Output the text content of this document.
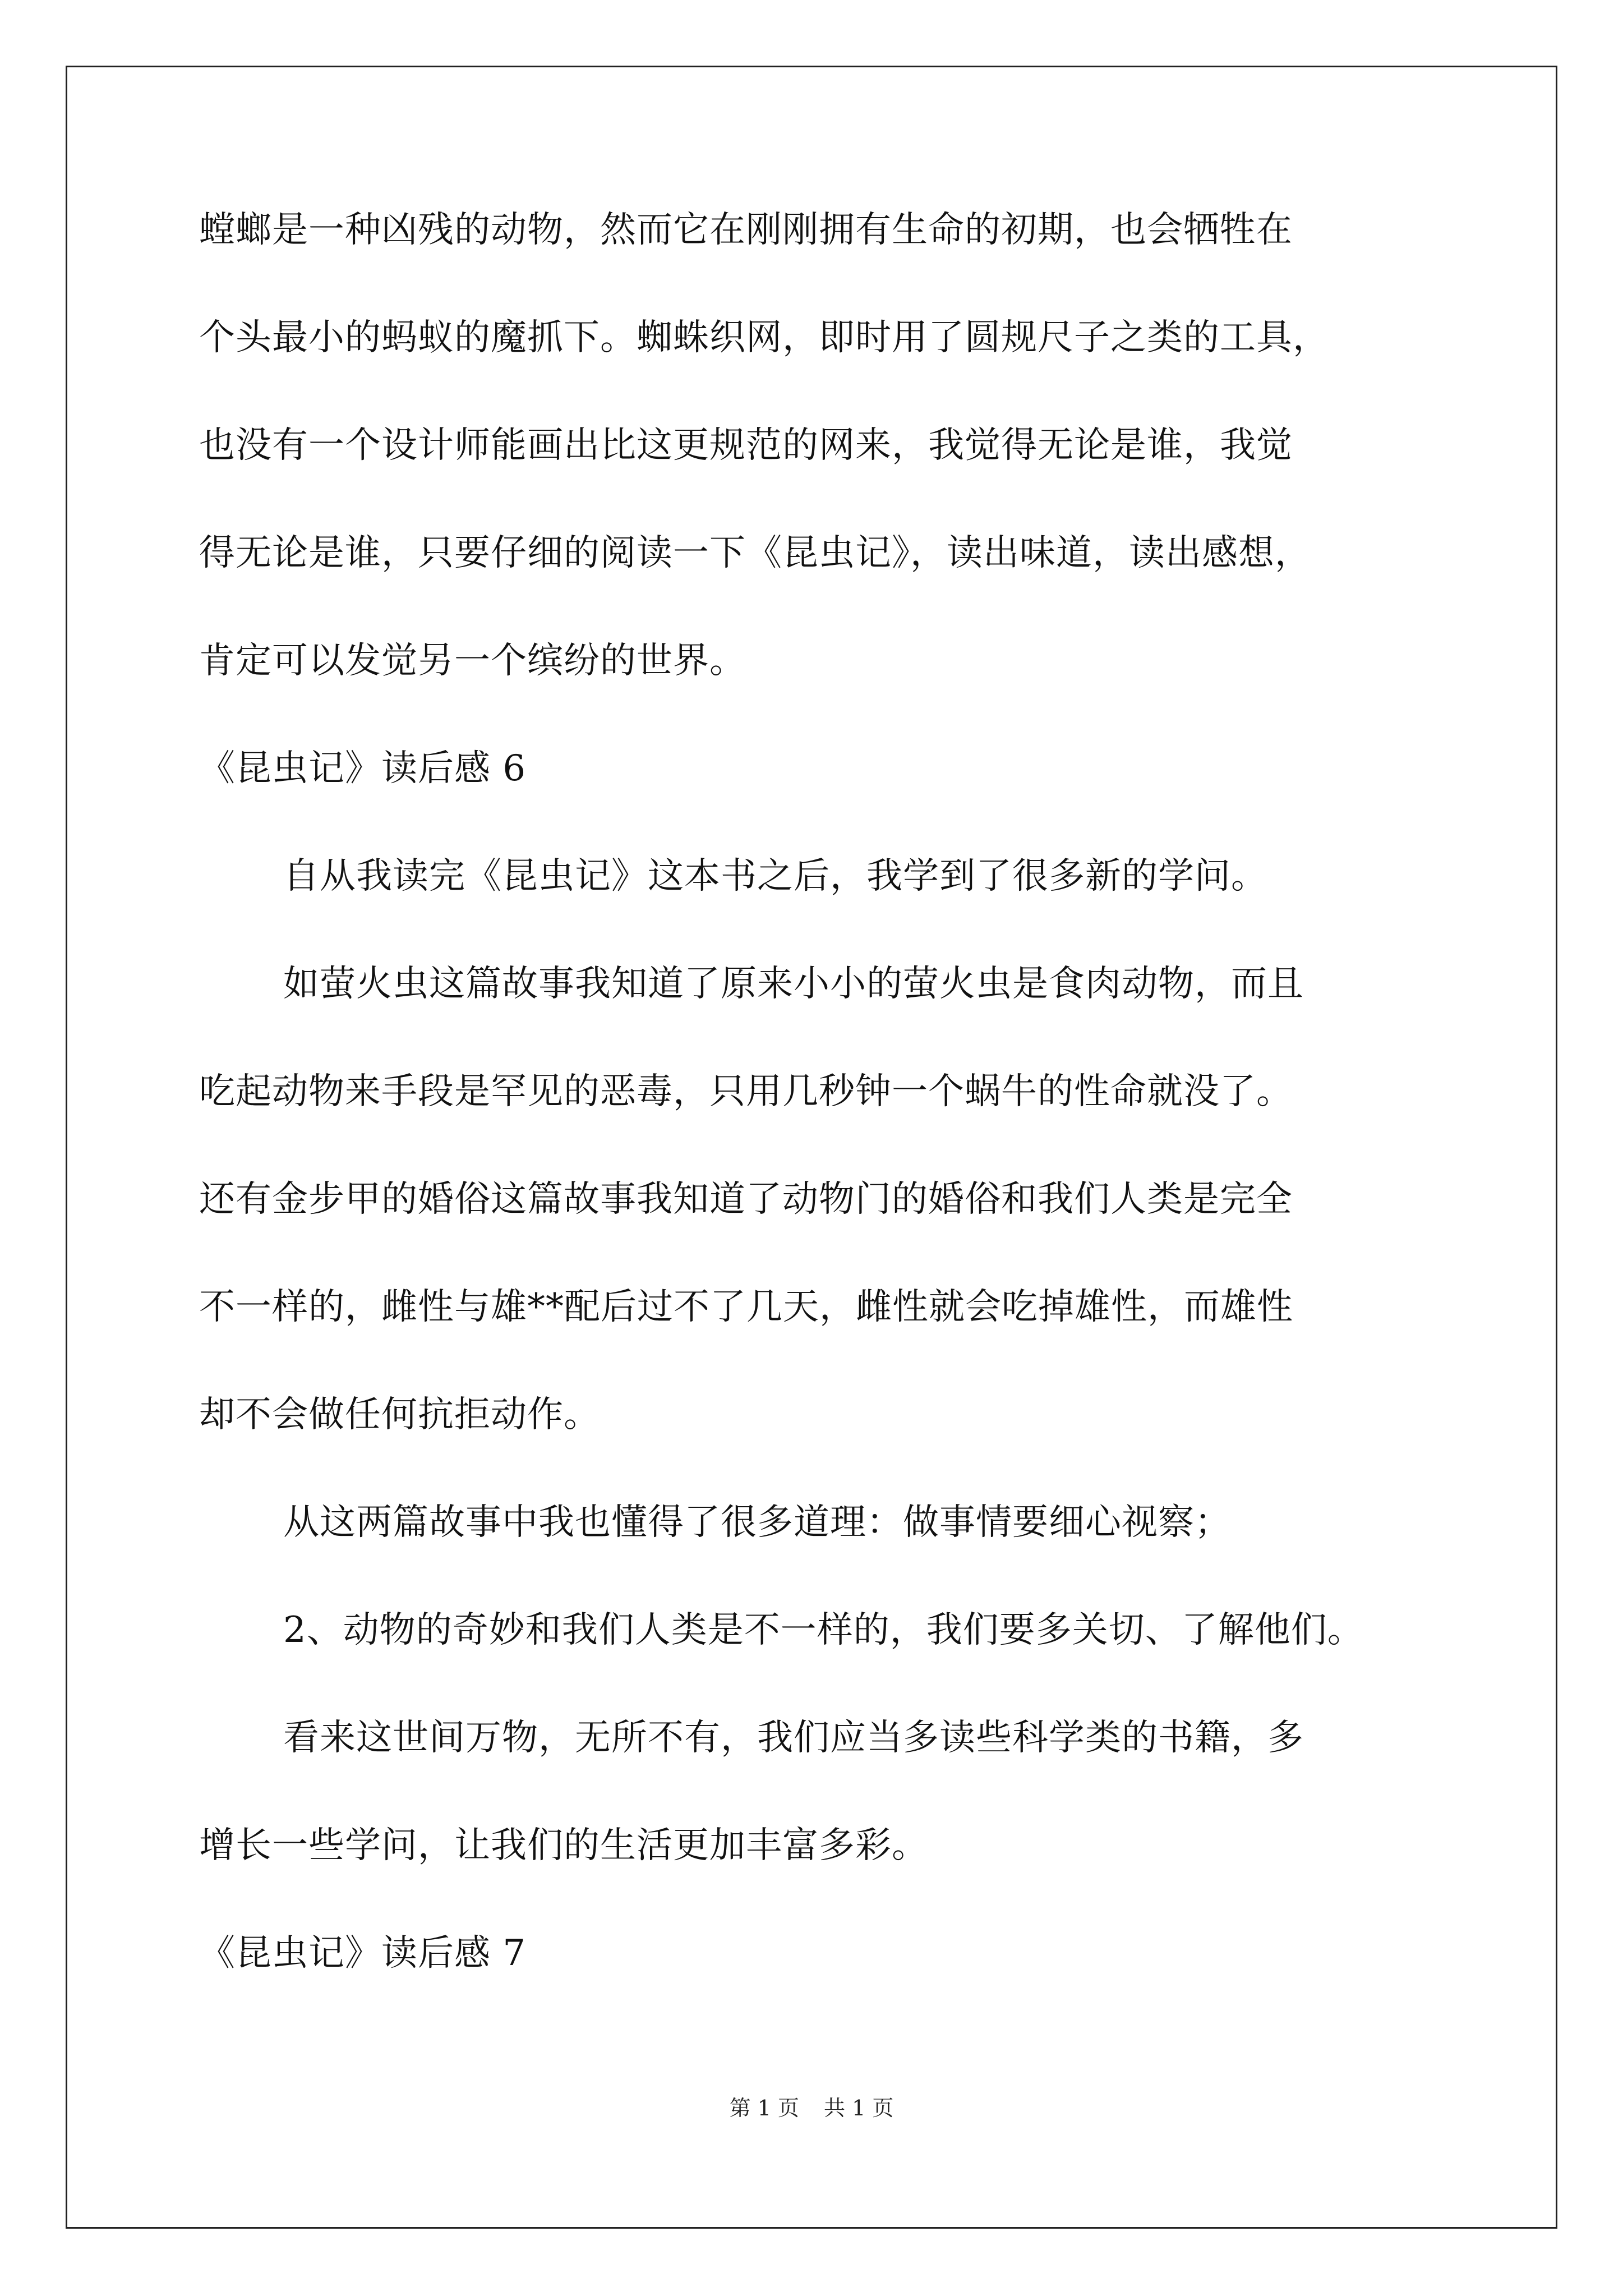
螳螂是一种凶残的动物，然而它在刚刚拥有生命的初期，也会牺牲在
个头最小的蚂蚁的魔抓下。蜘蛛织网，即时用了圆规尺子之类的工具，
也没有一个设计师能画出比这更规范的网来，我觉得无论是谁，我觉
得无论是谁，只要仔细的阅读一下《昆虫记》，读出味道，读出感想，
肯定可以发觉另一个缤纷的世界。
《昆虫记》读后感 6
自从我读完《昆虫记》这本书之后，我学到了很多新的学问。
如萤火虫这篇故事我知道了原来小小的萤火虫是食肉动物，而且
吃起动物来手段是罕见的恶毒，只用几秒钟一个蜗牛的性命就没了。
还有金步甲的婚俗这篇故事我知道了动物门的婚俗和我们人类是完全
不一样的，雌性与雄**配后过不了几天，雌性就会吃掉雄性，而雄性
却不会做任何抗拒动作。
从这两篇故事中我也懂得了很多道理：做事情要细心视察；
2、动物的奇妙和我们人类是不一样的，我们要多关切、了解他们。
看来这世间万物，无所不有，我们应当多读些科学类的书籍，多
增长一些学问，让我们的生活更加丰富多彩。
《昆虫记》读后感 7
第 1 页 共 1 页
